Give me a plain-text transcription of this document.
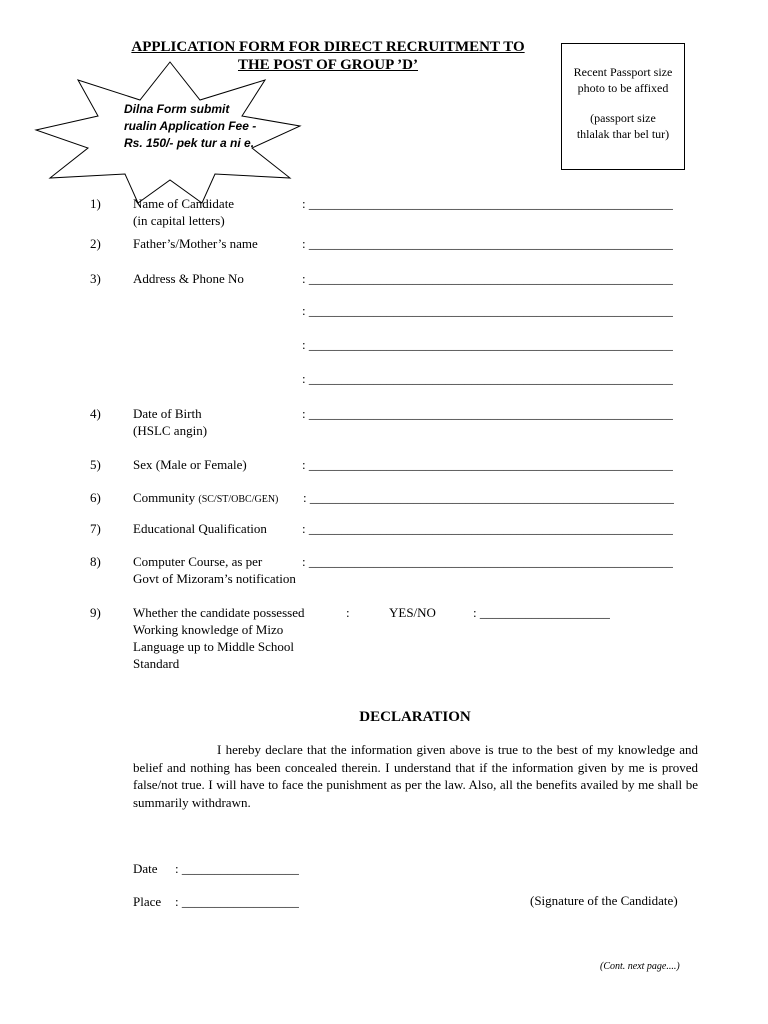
APPLICATION FORM FOR DIRECT RECRUITMENT TO
THE POST OF GROUP ’D’	Recent Passport size
photo to be affixed
(passport size
thlalak thar bel tur)
Dilna Form submit
rualin Application Fee -
Rs. 150/- pek tur a ni e.
1) Name of Candidate
(in capital letters)
: ________________________________________________________
2) Father’s/Mother’s name	: ________________________________________________________
3) Address & Phone No	: ________________________________________________________
: ________________________________________________________
: ________________________________________________________
: ________________________________________________________
4) Date of Birth
(HSLC angin)
: ________________________________________________________
5) Sex (Male or Female)	: ________________________________________________________
6) Community (SC/ST/OBC/GEN) : ________________________________________________________
7) Educational Qualification	: ________________________________________________________
8) Computer Course, as per
Govt of Mizoram’s notification
: ________________________________________________________
9) Whether the candidate possessed
Working knowledge of Mizo
Language up to Middle School
Standard
:	YES/NO	: ____________________
DECLARATION
I hereby declare that the information given above is true to the best of my knowledge and belief and nothing has been concealed therein. I understand that if the information given by me is proved false/not true. I will have to face the punishment as per the law. Also, all the benefits availed by me shall be summarily withdrawn.
Date : __________________
Place : __________________	(Signature of the Candidate)
(Cont. next page....)
